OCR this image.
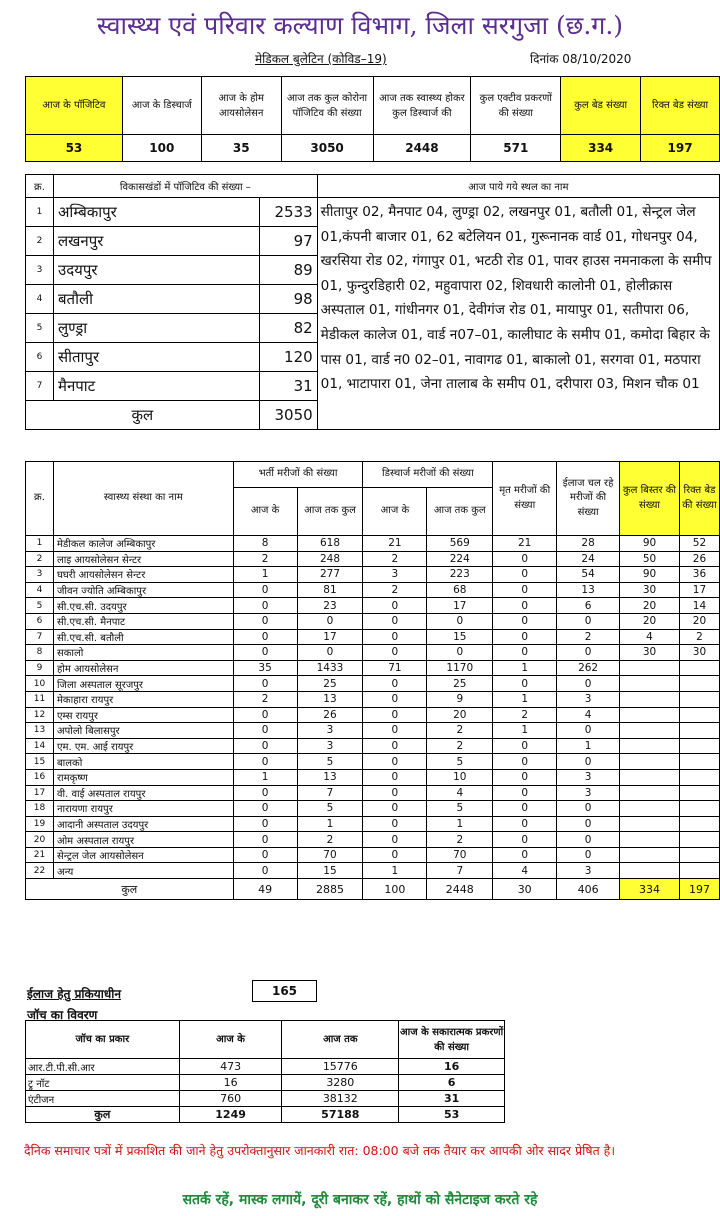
स्वास्थ्य एवं परिवार कल्याण विभाग, जिला सरगुजा (छ.ग.)
मेडिकल बुलेटिन (कोविड–19)	दिनांक 08/10/2020
आज के पॉजिटिव	आज के डिस्चार्ज	आज के होम आयसोलेसन	आज तक कुल कोरोना पॉजिटिव की संख्या	आज तक स्वास्थ्य होकर कुल डिस्चार्ज की	कुल एक्टीव प्रकरणों की संख्या	कुल बेड संख्या	रिक्त बेड संख्या
53	100	35	3050	2448	571	334	197
क्र.	विकासखंडों में पॉजिटिव की संख्या –		आज पाये गये स्थल का नाम
1	अम्बिकापुर	2533	सीतापुर 02, मैनपाट 04, लुण्ड्रा 02, लखनपुर 01, बतौली 01, सेन्ट्रल जेल 01,कंपनी बाजार 01, 62 बटेलियन 01, गुरूनानक वार्ड 01, गोधनपुर 04, खरसिया रोड 02, गंगापुर 01, भटठी रोड 01, पावर हाउस नमनाकला के समीप 01, फुन्दुरडिहारी 02, महुवापारा 02, शिवधारी कालोनी 01, होलीक्रास अस्पताल 01, गांधीनगर 01, देवीगंज रोड 01, मायापुर 01, सतीपारा 06, मेडीकल कालेज 01, वार्ड न07–01, कालीघाट के समीप 01, कमोदा बिहार के पास 01, वार्ड न0 02–01, नावागढ 01, बाकालो 01, सरगवा 01, मठपारा 01, भाटापारा 01, जेना तालाब के समीप 01, दरीपारा 03, मिशन चौक 01
2	लखनपुर	97	
3	उदयपुर	89	
4	बतौली	98	
5	लुण्ड्रा	82	
6	सीतापुर	120	
7	मैनपाट	31	
कुल		3050	
क्र.	स्वास्थ्य संस्था का नाम	भर्ती मरीजों की संख्या		डिस्चार्ज मरीजों की संख्या		मृत मरीजों की संख्या	ईलाज चल रहे मरीजों की संख्या	कुल बिस्तर की संख्या	रिक्त बेड की संख्या
		आज के	आज तक कुल	आज के	आज तक कुल				
1	मेडीकल कालेज अम्बिकापुर	8	618	21	569	21	28	90	52
2	लाइ आयसोलेसन सेन्टर	2	248	2	224	0	24	50	26
3	घघरी आयसोलेसन सेन्टर	1	277	3	223	0	54	90	36
4	जीवन ज्योति अम्बिकापुर	0	81	2	68	0	13	30	17
5	सी.एच.सी. उदयपुर	0	23	0	17	0	6	20	14
6	सी.एच.सी. मैनपाट	0	0	0	0	0	0	20	20
7	सी.एच.सी. बतौली	0	17	0	15	0	2	4	2
8	सकालो	0	0	0	0	0	0	30	30
9	होम आयसोलेसन	35	1433	71	1170	1	262		
10	जिला अस्पताल सूरजपुर	0	25	0	25	0	0		
11	मेकाहारा रायपुर	2	13	0	9	1	3		
12	एम्स रायपुर	0	26	0	20	2	4		
13	अपोलो बिलासपुर	0	3	0	2	1	0		
14	एम. एम. आई रायपुर	0	3	0	2	0	1		
15	बालको	0	5	0	5	0	0		
16	रामकृष्ण	1	13	0	10	0	3		
17	वी. वाई अस्पताल रायपुर	0	7	0	4	0	3		
18	नारायणा रायपुर	0	5	0	5	0	0		
19	आदानी अस्पताल उदयपुर	0	1	0	1	0	0		
20	ओम अस्पताल रायपुर	0	2	0	2	0	0		
21	सेन्ट्रल जेल आयसोलेसन	0	70	0	70	0	0		
22	अन्य	0	15	1	7	4	3		
कुल		49	2885	100	2448	30	406	334	197
ईलाज हेतु प्रकियाधीन	165
जॉच का विवरण
जॉच का प्रकार	आज के	आज तक	आज के सकारात्मक प्रकरणों की संख्या
आर.टी.पी.सी.आर	473	15776	16
ट्रू नॉट	16	3280	6
एंटीजन	760	38132	31
कुल	1249	57188	53
दैनिक समाचार पत्रों में प्रकाशित की जाने हेतु उपरोक्तानुसार जानकारी रात: 08:00 बजे तक तैयार कर आपकी ओर सादर प्रेषित है।
सतर्क रहें, मास्क लगायें, दूरी बनाकर रहें, हाथों को सैनेटाइज करते रहे
